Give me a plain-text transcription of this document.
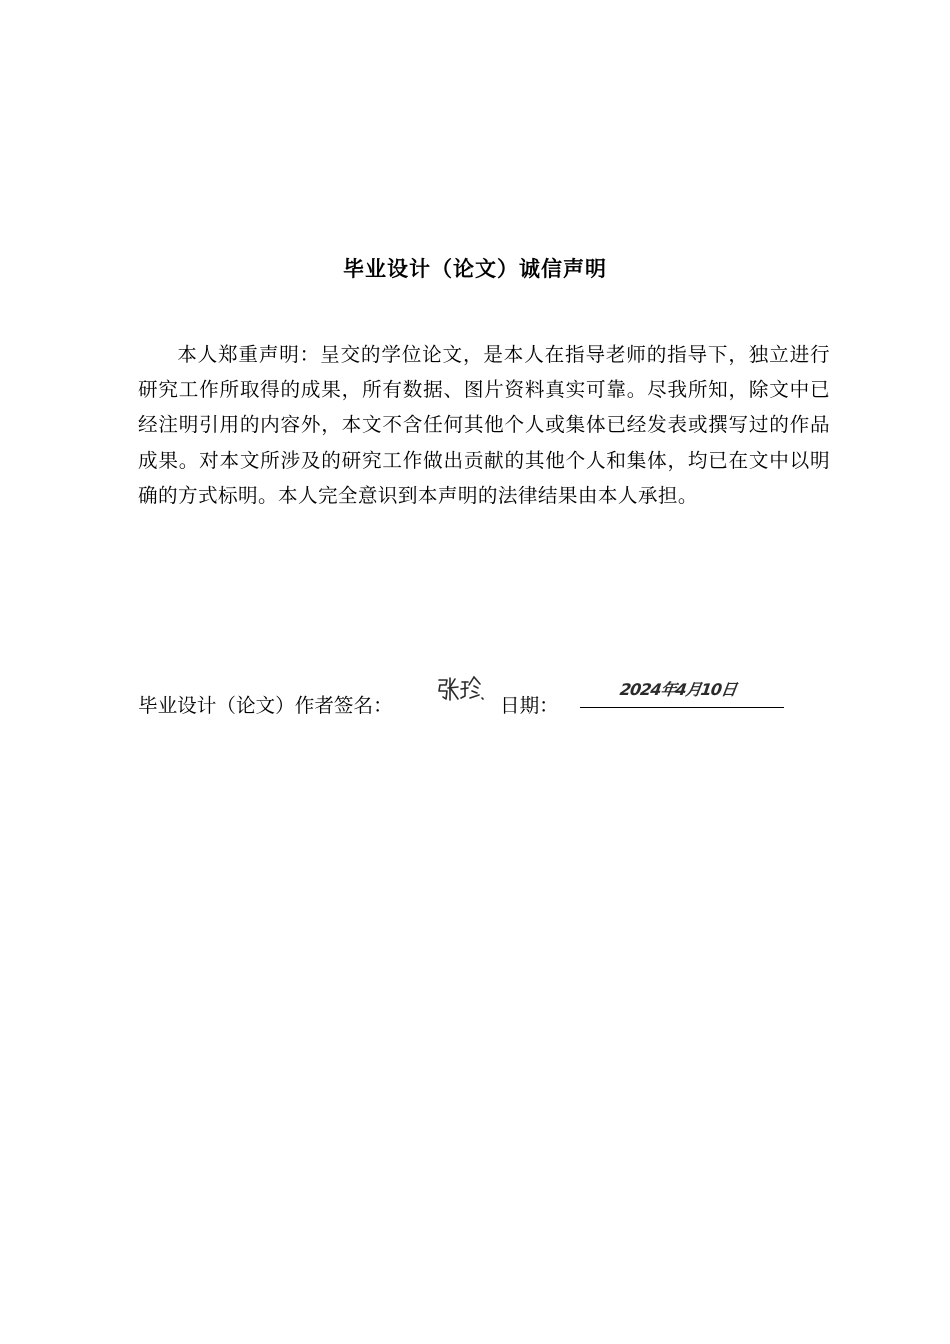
毕业设计（论文）诚信声明

本人郑重声明：呈交的学位论文，是本人在指导老师的指导下，独立进行研究工作所取得的成果，所有数据、图片资料真实可靠。尽我所知，除文中已经注明引用的内容外，本文不含任何其他个人或集体已经发表或撰写过的作品成果。对本文所涉及的研究工作做出贡献的其他个人和集体，均已在文中以明确的方式标明。本人完全意识到本声明的法律结果由本人承担。

毕业设计（论文）作者签名：	日期：
2024年4月10日
